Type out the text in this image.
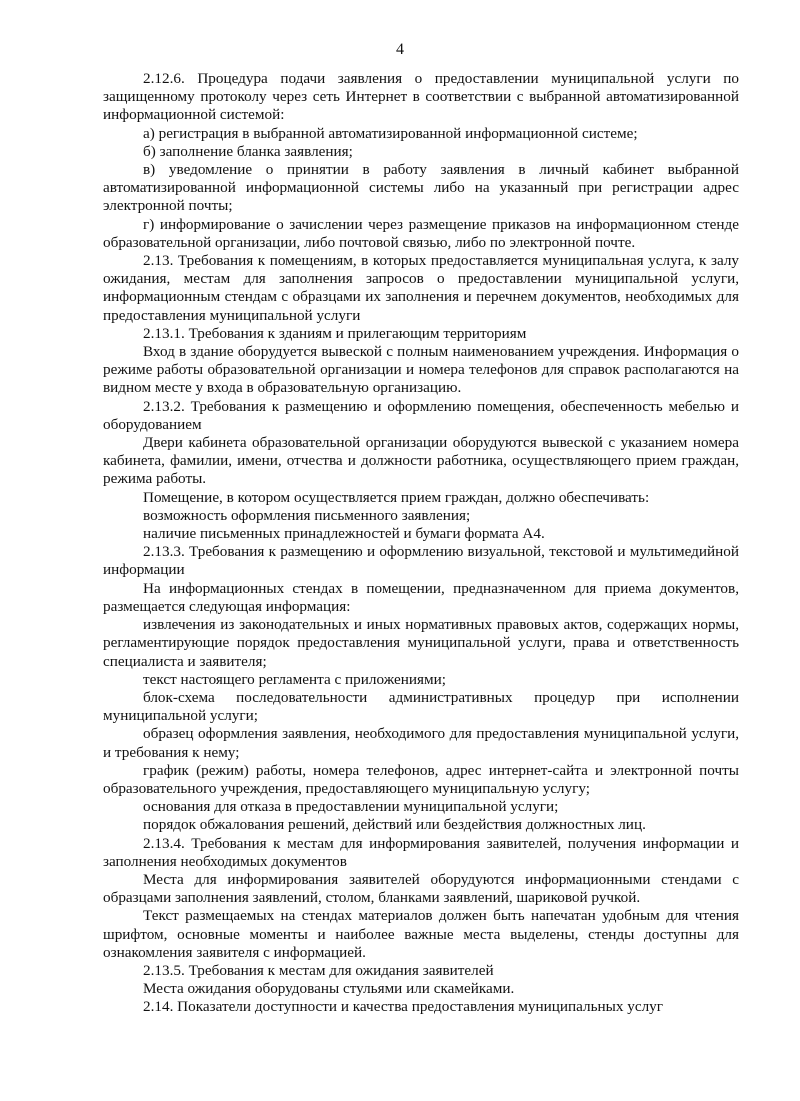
4

2.12.6. Процедура подачи заявления о предоставлении муниципальной услуги по защищенному протоколу через сеть Интернет в соответствии с выбранной автоматизированной информационной системой:

а) регистрация в выбранной автоматизированной информационной системе;

б) заполнение бланка заявления;

в) уведомление о принятии в работу заявления в личный кабинет выбранной автоматизированной информационной системы либо на указанный при регистрации адрес электронной почты;

г) информирование о зачислении через размещение приказов на информационном стенде образовательной организации, либо почтовой связью, либо по электронной почте.

2.13. Требования к помещениям, в которых предоставляется муниципальная услуга, к залу ожидания, местам для заполнения запросов о предоставлении муниципальной услуги, информационным стендам с образцами их заполнения и перечнем документов, необходимых для предоставления муниципальной услуги

2.13.1. Требования к зданиям и прилегающим территориям

Вход в здание оборудуется вывеской с полным наименованием учреждения. Информация о режиме работы образовательной организации и номера телефонов для справок располагаются на видном месте у входа в образовательную организацию.

2.13.2. Требования к размещению и оформлению помещения, обеспеченность мебелью и оборудованием

Двери кабинета образовательной организации оборудуются вывеской с указанием номера кабинета, фамилии, имени, отчества и должности работника, осуществляющего прием граждан, режима работы.

Помещение, в котором осуществляется прием граждан, должно обеспечивать:

возможность оформления письменного заявления;

наличие письменных принадлежностей и бумаги формата А4.

2.13.3. Требования к размещению и оформлению визуальной, текстовой и мультимедийной информации

На информационных стендах в помещении, предназначенном для приема документов, размещается следующая информация:

извлечения из законодательных и иных нормативных правовых актов, содержащих нормы, регламентирующие порядок предоставления муниципальной услуги, права и ответственность специалиста и заявителя;

текст настоящего регламента с приложениями;

блок-схема последовательности административных процедур при исполнении муниципальной услуги;

образец оформления заявления, необходимого для предоставления муниципальной услуги, и требования к нему;

график (режим) работы, номера телефонов, адрес интернет-сайта и электронной почты образовательного учреждения, предоставляющего муниципальную услугу;

основания для отказа в предоставлении муниципальной услуги;

порядок обжалования решений, действий или бездействия должностных лиц.

2.13.4. Требования к местам для информирования заявителей, получения информации и заполнения необходимых документов

Места для информирования заявителей оборудуются информационными стендами с образцами заполнения заявлений, столом, бланками заявлений, шариковой ручкой.

Текст размещаемых на стендах материалов должен быть напечатан удобным для чтения шрифтом, основные моменты и наиболее важные места выделены, стенды доступны для ознакомления заявителя с информацией.

2.13.5. Требования к местам для ожидания заявителей

Места ожидания оборудованы стульями или скамейками.

2.14. Показатели доступности и качества предоставления муниципальных услуг
